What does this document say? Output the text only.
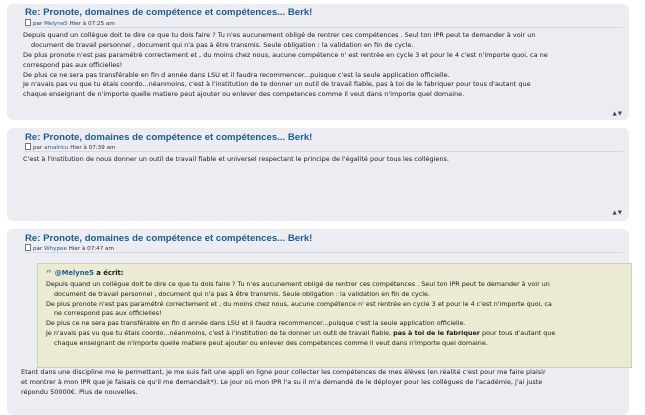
Re: Pronote, domaines de compétence et compétences... Berk!
par Melyne5 Hier à 07:25 am
Depuis quand un collègue doit te dire ce que tu dois faire ? Tu n'es aucunement obligé de rentrer ces compétences . Seul ton IPR peut te demander à voir un
document de travail personnel , document qui n'a pas à être transmis. Seule obligation : la validation en fin de cycle.
De plus pronote n'est pas paramétré correctement et , du moins chez nous, aucune compétence n' est rentrée en cycle 3 et pour le 4 c'est n'importe quoi, ca ne
correspond pas aux officielles!
De plus ce ne sera pas transférable en fin d année dans LSU et il faudra recommencer...puisque c'est la seule application officielle.
Je n'avais pas vu que tu étais coordo...néanmoins, c'est à l'institution de te donner un outil de travail fiable, pas à toi de le fabriquer pour tous d'autant que
chaque enseignant de n'importe quelle matiere peut ajouter ou enlever des competences comme il veut dans n'importe quel domaine.
▲▼
Re: Pronote, domaines de compétence et compétences... Berk!
par amalricu Hier à 07:39 am
C'est à l'institution de nous donner un outil de travail fiable et universel respectant le principe de l'égalité pour tous les collégiens.
▲▼
Re: Pronote, domaines de compétence et compétences... Berk!
par Whypee Hier à 07:47 am
“ @Melyne5 a écrit:
Depuis quand un collègue doit te dire ce que tu dois faire ? Tu n'es aucunement obligé de rentrer ces compétences . Seul ton IPR peut te demander à voir un
document de travail personnel , document qui n'a pas à être transmis. Seule obligation : la validation en fin de cycle.
De plus pronote n'est pas paramétré correctement et , du moins chez nous, aucune compétence n' est rentrée en cycle 3 et pour le 4 c'est n'importe quoi, ca
ne correspond pas aux officielles!
De plus ce ne sera pas transférable en fin d année dans LSU et il faudra recommencer...puisque c'est la seule application officielle.
Je n'avais pas vu que tu étais coordo...néanmoins, c'est à l'institution de te donner un outil de travail fiable, pas à toi de le fabriquer pour tous d'autant que
chaque enseignant de n'importe quelle matiere peut ajouter ou enlever des competences comme il veut dans n'importe quel domaine.
Etant dans une discipline me le permettant, je me suis fait une appli en ligne pour collecter les compétences de mes élèves (en réalité c'est pour me faire plaisir
et montrer à mon IPR que je faisais ce qu'il me demandait*). Le jour où mon IPR l'a su il m'a demandé de le déployer pour les collègues de l'académie, j'ai juste
répondu 50000€. Plus de nouvelles.
